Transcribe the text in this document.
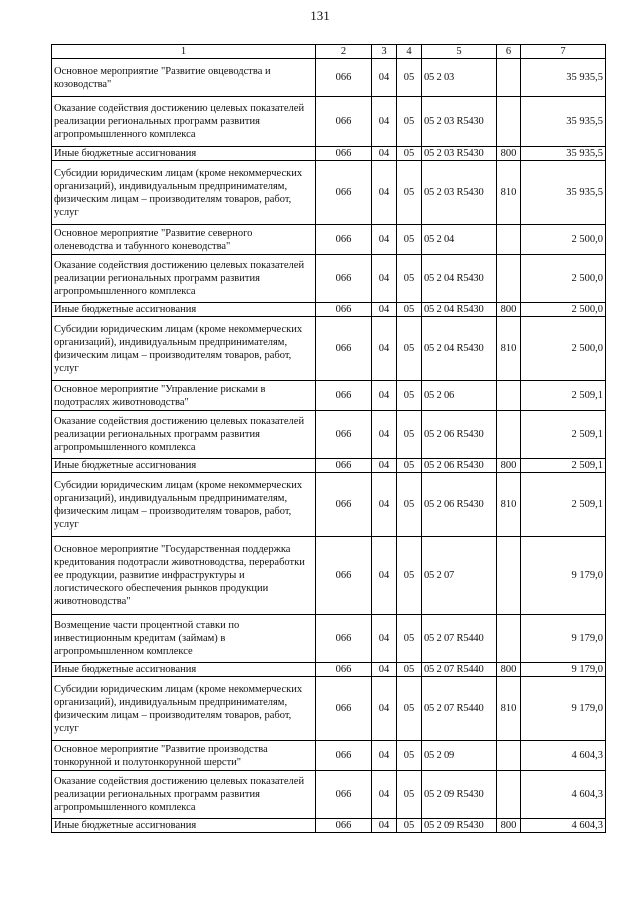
131
1	2	3	4	5	6	7
Основное мероприятие "Развитие овцеводства и козоводства"	066	04	05	05 2 03		35 935,5
Оказание содействия достижению целевых показателей реализации региональных программ развития агропромышленного комплекса	066	04	05	05 2 03 R5430		35 935,5
Иные бюджетные ассигнования	066	04	05	05 2 03 R5430	800	35 935,5
Субсидии юридическим лицам (кроме некоммерческих организаций), индивидуальным предпринимателям, физическим лицам – производителям товаров, работ, услуг	066	04	05	05 2 03 R5430	810	35 935,5
Основное мероприятие "Развитие северного оленеводства и табунного коневодства"	066	04	05	05 2 04		2 500,0
Оказание содействия достижению целевых показателей реализации региональных программ развития агропромышленного комплекса	066	04	05	05 2 04 R5430		2 500,0
Иные бюджетные ассигнования	066	04	05	05 2 04 R5430	800	2 500,0
Субсидии юридическим лицам (кроме некоммерческих организаций), индивидуальным предпринимателям, физическим лицам – производителям товаров, работ, услуг	066	04	05	05 2 04 R5430	810	2 500,0
Основное мероприятие "Управление рисками в подотраслях животноводства"	066	04	05	05 2 06		2 509,1
Оказание содействия достижению целевых показателей реализации региональных программ развития агропромышленного комплекса	066	04	05	05 2 06 R5430		2 509,1
Иные бюджетные ассигнования	066	04	05	05 2 06 R5430	800	2 509,1
Субсидии юридическим лицам (кроме некоммерческих организаций), индивидуальным предпринимателям, физическим лицам – производителям товаров, работ, услуг	066	04	05	05 2 06 R5430	810	2 509,1
Основное мероприятие "Государственная поддержка кредитования подотрасли животноводства, переработки ее продукции, развитие инфраструктуры и логистического обеспечения рынков продукции животноводства"	066	04	05	05 2 07		9 179,0
Возмещение части процентной ставки по инвестиционным кредитам (займам) в агропромышленном комплексе	066	04	05	05 2 07 R5440		9 179,0
Иные бюджетные ассигнования	066	04	05	05 2 07 R5440	800	9 179,0
Субсидии юридическим лицам (кроме некоммерческих организаций), индивидуальным предпринимателям, физическим лицам – производителям товаров, работ, услуг	066	04	05	05 2 07 R5440	810	9 179,0
Основное мероприятие "Развитие производства тонкорунной и полутонкорунной шерсти"	066	04	05	05 2 09		4 604,3
Оказание содействия достижению целевых показателей реализации региональных программ развития агропромышленного комплекса	066	04	05	05 2 09 R5430		4 604,3
Иные бюджетные ассигнования	066	04	05	05 2 09 R5430	800	4 604,3
